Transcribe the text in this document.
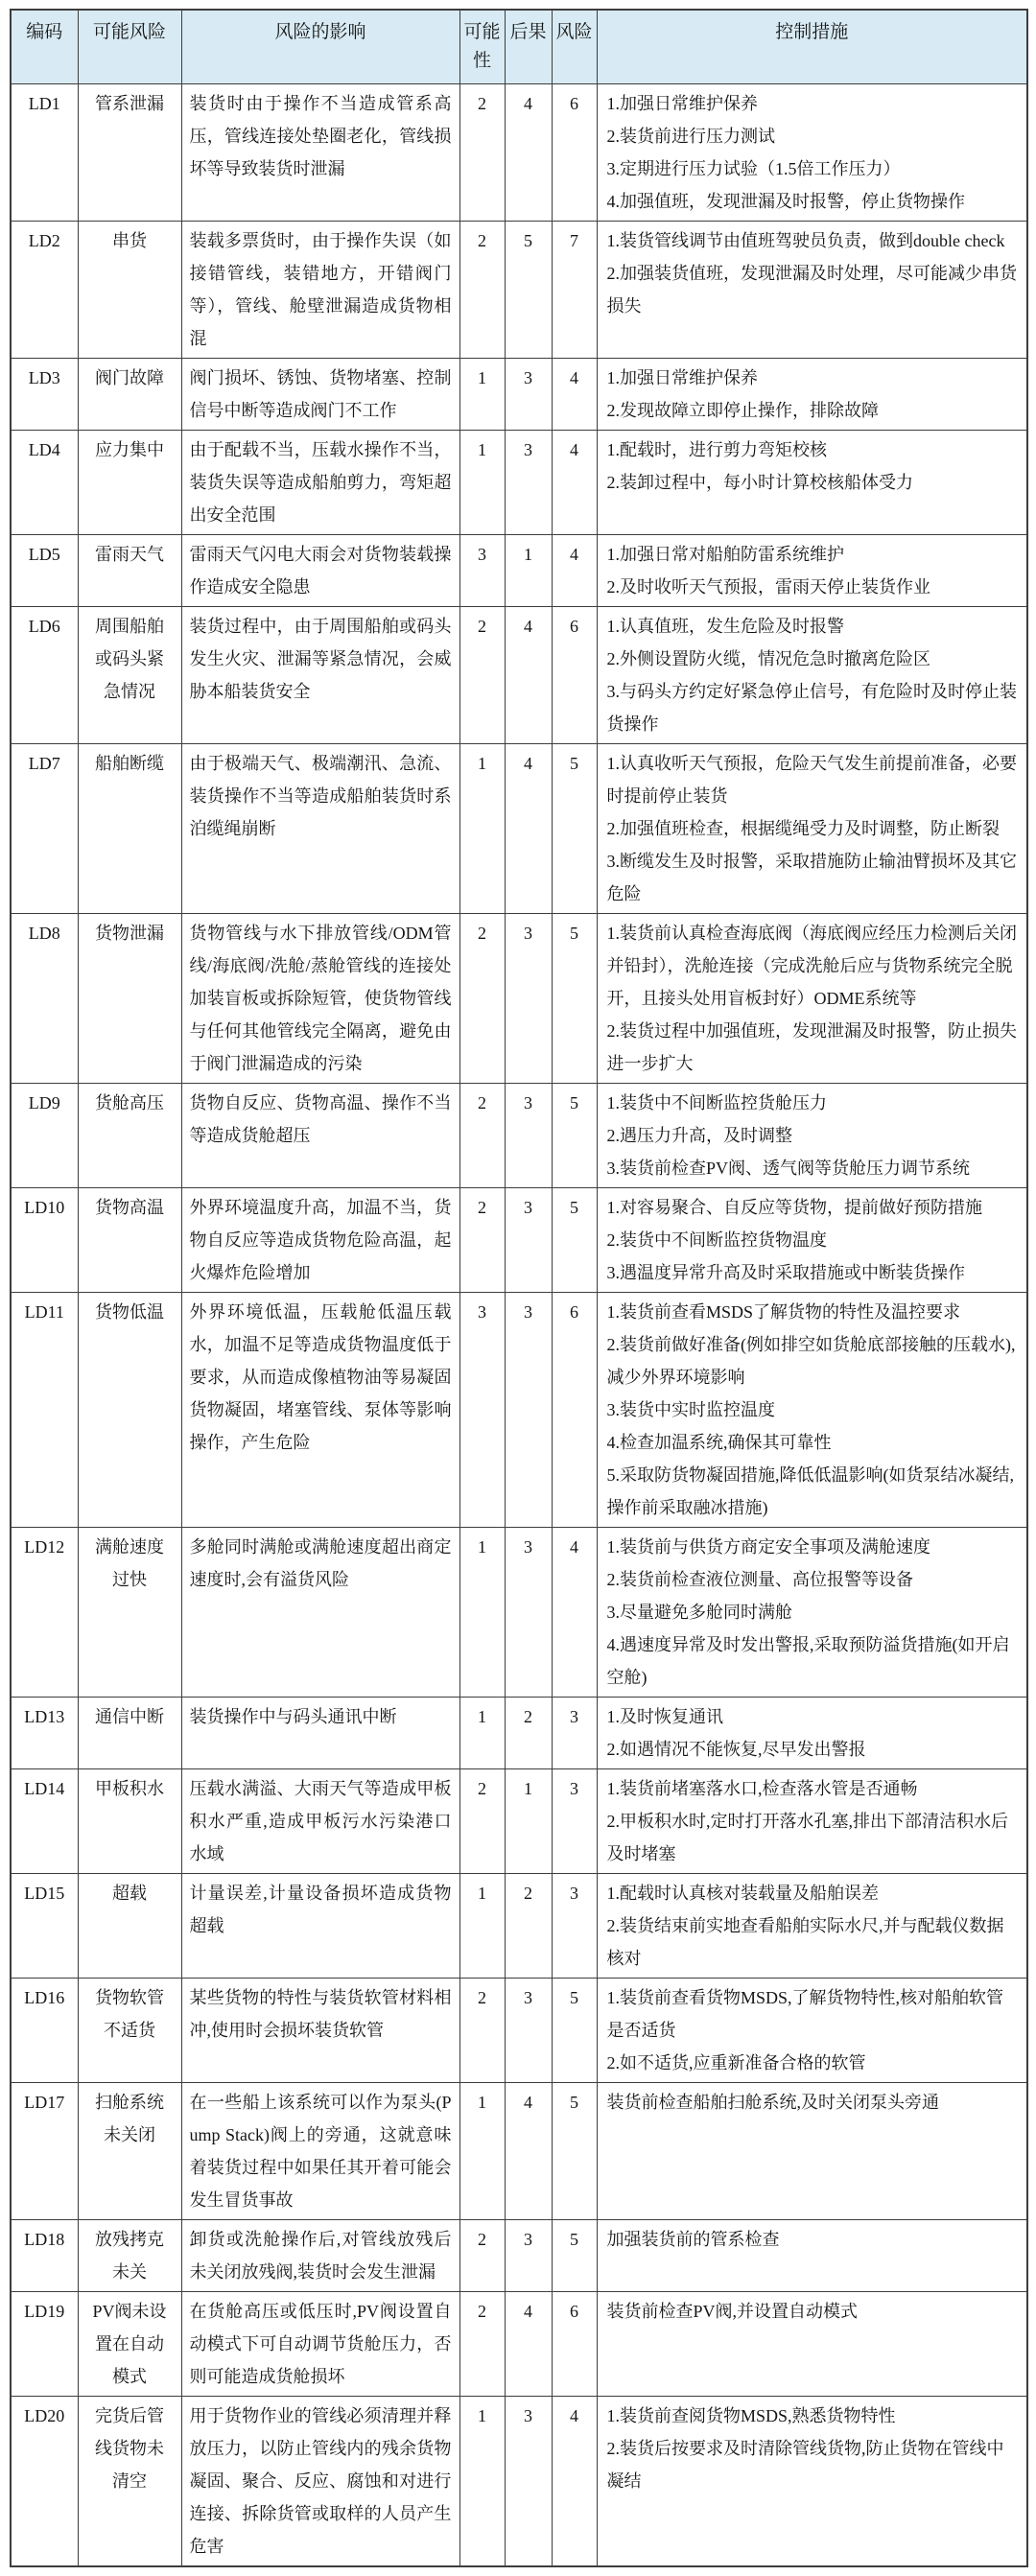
编码	可能风险	风险的影响	可能性	后果	风险	控制措施
LD1	管系泄漏	装货时由于操作不当造成管系高压，管线连接处垫圈老化，管线损坏等导致装货时泄漏	2	4	6	1.加强日常维护保养
2.装货前进行压力测试
3.定期进行压力试验（1.5倍工作压力）
4.加强值班，发现泄漏及时报警，停止货物操作

LD2	串货	装载多票货时，由于操作失误（如接错管线，装错地方，开错阀门等），管线、舱壁泄漏造成货物相混	2	5	7	1.装货管线调节由值班驾驶员负责，做到double check
2.加强装货值班，发现泄漏及时处理，尽可能减少串货损失

LD3	阀门故障	阀门损坏、锈蚀、货物堵塞、控制信号中断等造成阀门不工作	1	3	4	1.加强日常维护保养
2.发现故障立即停止操作，排除故障

LD4	应力集中	由于配载不当，压载水操作不当，装货失误等造成船舶剪力，弯矩超出安全范围	1	3	4	1.配载时，进行剪力弯矩校核
2.装卸过程中，每小时计算校核船体受力

LD5	雷雨天气	雷雨天气闪电大雨会对货物装载操作造成安全隐患	3	1	4	1.加强日常对船舶防雷系统维护
2.及时收听天气预报，雷雨天停止装货作业

LD6	周围船舶或码头紧急情况	装货过程中，由于周围船舶或码头发生火灾、泄漏等紧急情况，会威胁本船装货安全	2	4	6	1.认真值班，发生危险及时报警
2.外侧设置防火缆，情况危急时撤离危险区
3.与码头方约定好紧急停止信号，有危险时及时停止装货操作

LD7	船舶断缆	由于极端天气、极端潮汛、急流、装货操作不当等造成船舶装货时系泊缆绳崩断	1	4	5	1.认真收听天气预报，危险天气发生前提前准备，必要时提前停止装货
2.加强值班检查，根据缆绳受力及时调整，防止断裂
3.断缆发生及时报警，采取措施防止输油臂损坏及其它危险

LD8	货物泄漏	货物管线与水下排放管线/ODM管线/海底阀/洗舱/蒸舱管线的连接处加装盲板或拆除短管，使货物管线与任何其他管线完全隔离，避免由于阀门泄漏造成的污染	2	3	5	1.装货前认真检查海底阀（海底阀应经压力检测后关闭并铅封），洗舱连接（完成洗舱后应与货物系统完全脱开，且接头处用盲板封好）ODME系统等
2.装货过程中加强值班，发现泄漏及时报警，防止损失进一步扩大

LD9	货舱高压	货物自反应、货物高温、操作不当等造成货舱超压	2	3	5	1.装货中不间断监控货舱压力
2.遇压力升高，及时调整
3.装货前检查PV阀、透气阀等货舱压力调节系统

LD10	货物高温	外界环境温度升高，加温不当，货物自反应等造成货物危险高温，起火爆炸危险增加	2	3	5	1.对容易聚合、自反应等货物，提前做好预防措施
2.装货中不间断监控货物温度
3.遇温度异常升高及时采取措施或中断装货操作

LD11	货物低温	外界环境低温，压载舱低温压载水，加温不足等造成货物温度低于要求，从而造成像植物油等易凝固货物凝固，堵塞管线、泵体等影响操作，产生危险	3	3	6	1.装货前查看MSDS了解货物的特性及温控要求
2.装货前做好准备(例如排空如货舱底部接触的压载水),减少外界环境影响
3.装货中实时监控温度
4.检查加温系统,确保其可靠性
5.采取防货物凝固措施,降低低温影响(如货泵结冰凝结,操作前采取融冰措施)

LD12	满舱速度过快	多舱同时满舱或满舱速度超出商定速度时,会有溢货风险	1	3	4	1.装货前与供货方商定安全事项及满舱速度
2.装货前检查液位测量、高位报警等设备
3.尽量避免多舱同时满舱
4.遇速度异常及时发出警报,采取预防溢货措施(如开启空舱)

LD13	通信中断	装货操作中与码头通讯中断	1	2	3	1.及时恢复通讯
2.如遇情况不能恢复,尽早发出警报

LD14	甲板积水	压载水满溢、大雨天气等造成甲板积水严重,造成甲板污水污染港口水域	2	1	3	1.装货前堵塞落水口,检查落水管是否通畅
2.甲板积水时,定时打开落水孔塞,排出下部清洁积水后及时堵塞

LD15	超载	计量误差,计量设备损坏造成货物超载	1	2	3	1.配载时认真核对装载量及船舶误差
2.装货结束前实地查看船舶实际水尺,并与配载仪数据核对

LD16	货物软管不适货	某些货物的特性与装货软管材料相冲,使用时会损坏装货软管	2	3	5	1.装货前查看货物MSDS,了解货物特性,核对船舶软管是否适货
2.如不适货,应重新准备合格的软管

LD17	扫舱系统未关闭	在一些船上该系统可以作为泵头(Pump Stack)阀上的旁通，这就意味着装货过程中如果任其开着可能会发生冒货事故	1	4	5	装货前检查船舶扫舱系统,及时关闭泵头旁通

LD18	放残拷克未关	卸货或洗舱操作后,对管线放残后未关闭放残阀,装货时会发生泄漏	2	3	5	加强装货前的管系检查

LD19	PV阀未设置在自动模式	在货舱高压或低压时,PV阀设置自动模式下可自动调节货舱压力，否则可能造成货舱损坏	2	4	6	装货前检查PV阀,并设置自动模式

LD20	完货后管线货物未清空	用于货物作业的管线必须清理并释放压力，以防止管线内的残余货物凝固、聚合、反应、腐蚀和对进行连接、拆除货管或取样的人员产生危害	1	3	4	1.装货前查阅货物MSDS,熟悉货物特性
2.装货后按要求及时清除管线货物,防止货物在管线中凝结
